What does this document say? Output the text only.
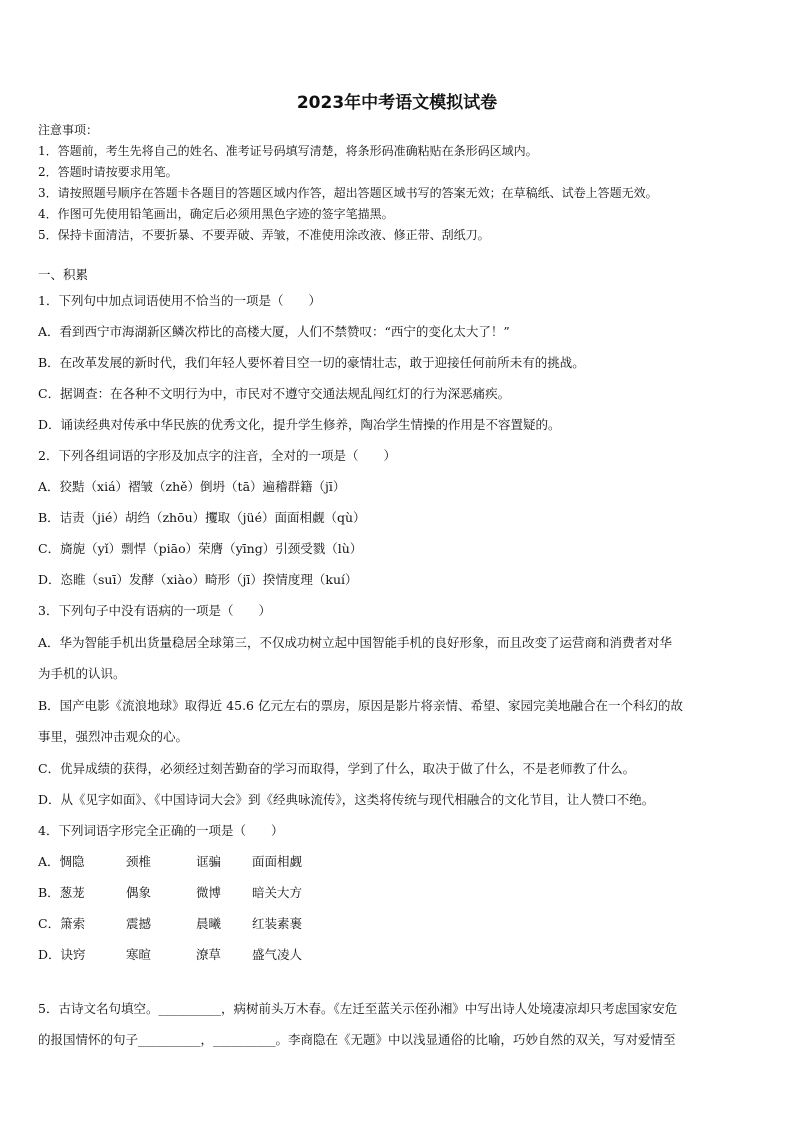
2023年中考语文模拟试卷
注意事项：
1．答题前，考生先将自己的姓名、准考证号码填写清楚，将条形码准确粘贴在条形码区域内。
2．答题时请按要求用笔。
3．请按照题号顺序在答题卡各题目的答题区域内作答，超出答题区域书写的答案无效；在草稿纸、试卷上答题无效。
4．作图可先使用铅笔画出，确定后必须用黑色字迹的签字笔描黑。
5．保持卡面清洁，不要折暴、不要弄破、弄皱，不准使用涂改液、修正带、刮纸刀。
一、积累
1．下列句中加点词语使用不恰当的一项是（　　）
A．看到西宁市海湖新区鳞次栉比的高楼大厦，人们不禁赞叹：“西宁的变化太大了！”
B．在改革发展的新时代，我们年轻人要怀着目空一切的豪情壮志，敢于迎接任何前所未有的挑战。
C．据调查：在各种不文明行为中，市民对不遵守交通法规乱闯红灯的行为深恶痛疾。
D．诵读经典对传承中华民族的优秀文化，提升学生修养，陶冶学生情操的作用是不容置疑的。
2．下列各组词语的字形及加点字的注音，全对的一项是（　　）
A．狡黠（xiá）褶皱（zhě）倒坍（tā）遍稽群籍（jī）
B．诘责（jié）胡绉（zhōu）攫取（jüé）面面相觑（qù）
C．旖旎（yǐ）剽悍（piāo）荣膺（yīng）引颈受戮（lù）
D．恣睢（suī）发酵（xiào）畸形（jī）揆情度理（kuí）
3．下列句子中没有语病的一项是（　　）
A．华为智能手机出货量稳居全球第三，不仅成功树立起中国智能手机的良好形象，而且改变了运营商和消费者对华
为手机的认识。
B．国产电影《流浪地球》取得近 45.6 亿元左右的票房，原因是影片将亲情、希望、家园完美地融合在一个科幻的故
事里，强烈冲击观众的心。
C．优异成绩的获得，必须经过刻苦勤奋的学习而取得，学到了什么，取决于做了什么，不是老师教了什么。
D．从《见字如面》、《中国诗词大会》到《经典咏流传》，这类将传统与现代相融合的文化节目，让人赞口不绝。
4．下列词语字形完全正确的一项是（　　）
A．惆隐	颈椎	诓骗 面面相觑
B．葱茏	偶象	微博 暗关大方
C．箫索	震撼	晨曦 红装素裹
D．诀窍	寒暄	潦草 盛气凌人
5．古诗文名句填空。__________，病树前头万木春。《左迁至蓝关示侄孙湘》中写出诗人处境凄凉却只考虑国家安危
的报国情怀的句子__________，__________。李商隐在《无题》中以浅显通俗的比喻，巧妙自然的双关，写对爱情至
